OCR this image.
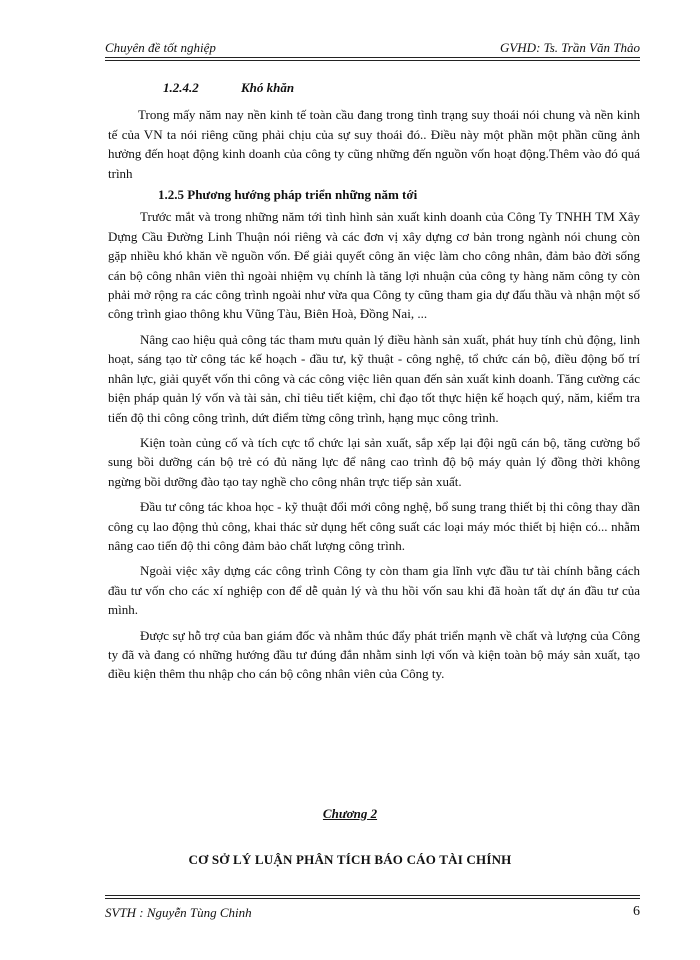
Chuyên đề tốt nghiệp	GVHD: Ts. Trần Văn Thảo
1.2.4.2	Khó khăn

Trong mấy năm nay nền kinh tế toàn cầu đang trong tình trạng suy thoái nói chung và nền kinh tế của VN ta nói riêng cũng phải chịu của sự suy thoái đó.. Điều này một phần một phần cũng ảnh hưởng đến hoạt động kinh doanh của công ty cũng những đến nguồn vốn hoạt động.Thêm vào đó quá trình

1.2.5 Phương hướng pháp triển những năm tới

Trước mắt và trong những năm tới tình hình sản xuất kinh doanh của Công Ty TNHH TM Xây Dựng Cầu Đường Linh Thuận nói riêng và các đơn vị xây dựng cơ bản trong ngành nói chung còn gặp nhiều khó khăn về nguồn vốn. Để giải quyết công ăn việc làm cho công nhân, đảm bảo đời sống cán bộ công nhân viên thì ngoài nhiệm vụ chính là tăng lợi nhuận của công ty hàng năm công ty còn phải mở rộng ra các công trình ngoài như vừa qua Công ty cũng tham gia dự đấu thầu và nhận một số công trình giao thông khu Vũng Tàu, Biên Hoà, Đồng Nai, ...

Nâng cao hiệu quả công tác tham mưu quản lý điều hành sản xuất, phát huy tính chủ động, linh hoạt, sáng tạo từ công tác kế hoạch - đầu tư, kỹ thuật - công nghệ, tổ chức cán bộ, điều động bố trí nhân lực, giải quyết vốn thi công và các công việc liên quan đến sản xuất kinh doanh. Tăng cường các biện pháp quản lý vốn và tài sản, chỉ tiêu tiết kiệm, chỉ đạo tốt thực hiện kế hoạch quý, năm, kiểm tra tiến độ thi công công trình, dứt điểm từng công trình, hạng mục công trình.

Kiện toàn củng cố và tích cực tổ chức lại sản xuất, sắp xếp lại đội ngũ cán bộ, tăng cường bổ sung bồi dưỡng cán bộ trẻ có đủ năng lực để nâng cao trình độ bộ máy quản lý đồng thời không ngừng bồi dưỡng đào tạo tay nghề cho công nhân trực tiếp sản xuất.

Đầu tư công tác khoa học - kỹ thuật đổi mới công nghệ, bổ sung trang thiết bị thi công thay dần công cụ lao động thủ công, khai thác sử dụng hết công suất các loại máy móc thiết bị hiện có... nhằm nâng cao tiến độ thi công đảm bảo chất lượng công trình.

Ngoài việc xây dựng các công trình Công ty còn tham gia lĩnh vực đầu tư tài chính bằng cách đầu tư vốn cho các xí nghiệp con để dễ quản lý và thu hồi vốn sau khi đã hoàn tất dự án đầu tư của mình.

Được sự hỗ trợ của ban giám đốc và nhằm thúc đẩy phát triển mạnh về chất và lượng của Công ty đã và đang có những hướng đầu tư đúng đắn nhằm sinh lợi vốn và kiện toàn bộ máy sản xuất, tạo điều kiện thêm thu nhập cho cán bộ công nhân viên của Công ty.

Chương 2
CƠ SỞ LÝ LUẬN PHÂN TÍCH BÁO CÁO TÀI CHÍNH
SVTH : Nguyễn Tùng Chinh	6
